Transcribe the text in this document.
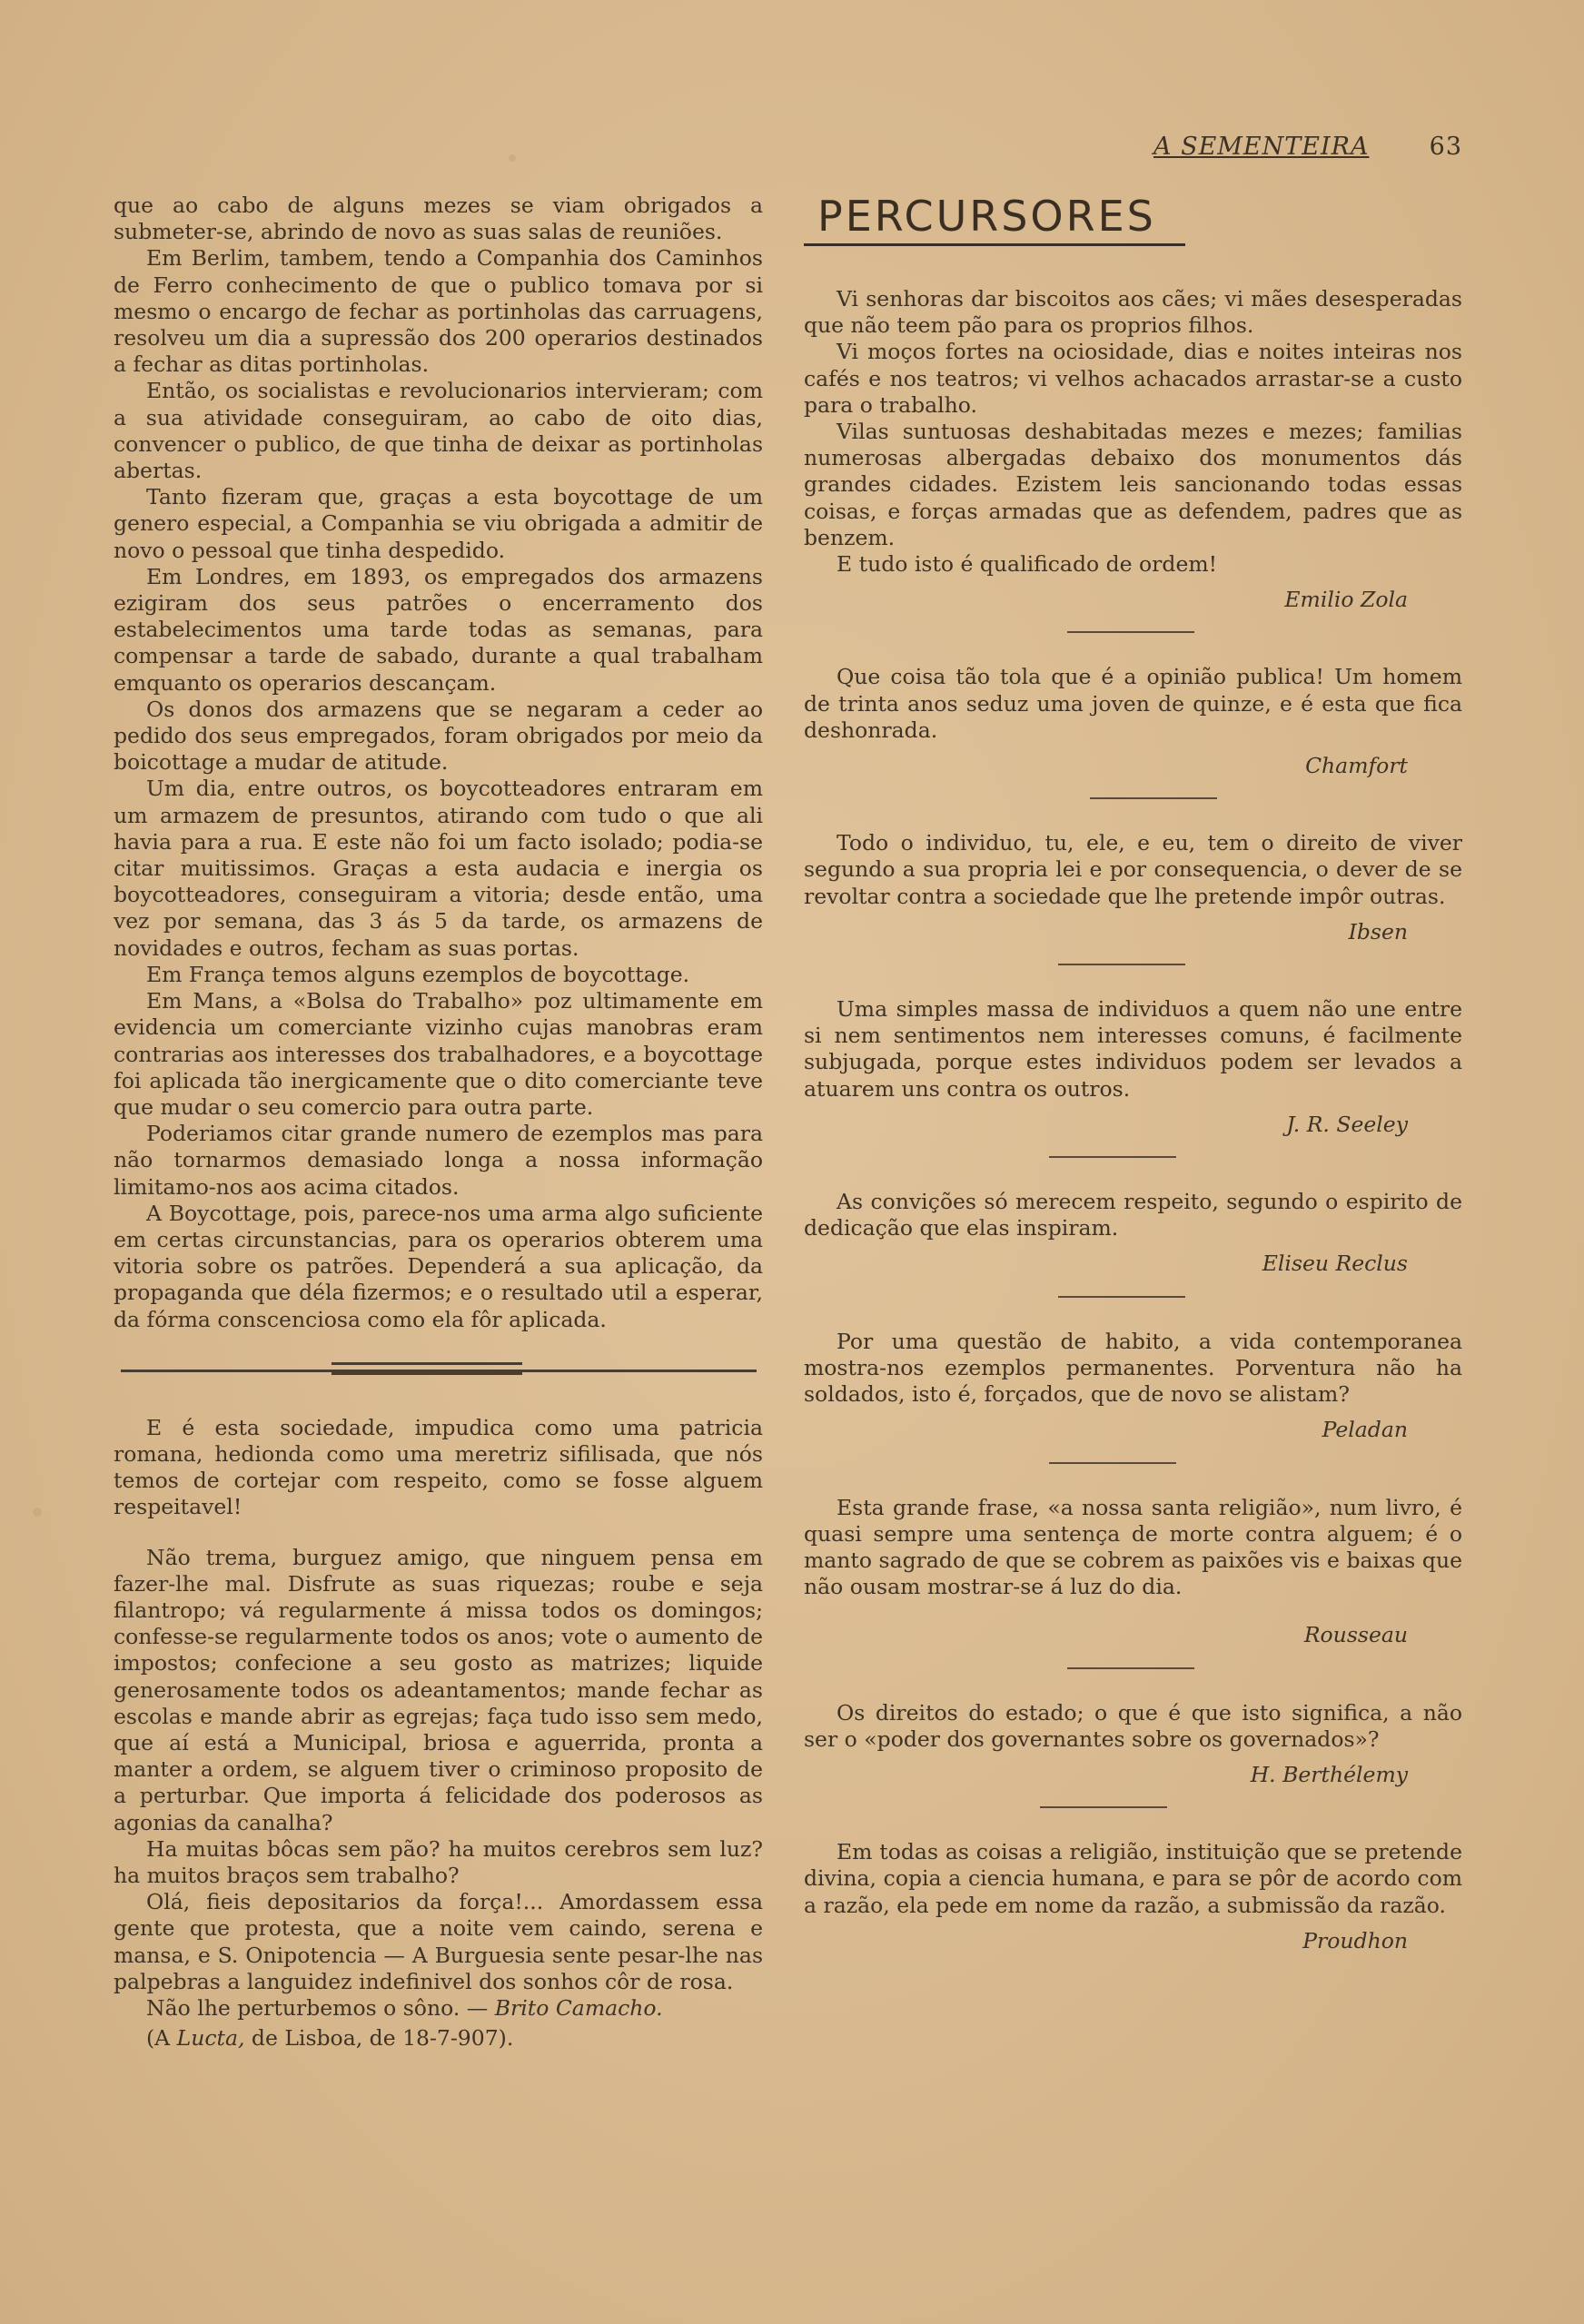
A SEMENTEIRA 63

que ao cabo de alguns mezes se viam obrigados a submeter-se, abrindo de novo as suas salas de reuniões.

Em Berlim, tambem, tendo a Companhia dos Caminhos de Ferro conhecimento de que o publico tomava por si mesmo o encargo de fechar as portinholas das carruagens, resolveu um dia a supressão dos 200 operarios destinados a fechar as ditas portinholas.

Então, os socialistas e revolucionarios intervieram; com a sua atividade conseguiram, ao cabo de oito dias, convencer o publico, de que tinha de deixar as portinholas abertas.

Tanto fizeram que, graças a esta boycottage de um genero especial, a Companhia se viu obrigada a admitir de novo o pessoal que tinha despedido.

Em Londres, em 1893, os empregados dos armazens ezigiram dos seus patrões o encerramento dos estabelecimentos uma tarde todas as semanas, para compensar a tarde de sabado, durante a qual trabalham emquanto os operarios descançam.

Os donos dos armazens que se negaram a ceder ao pedido dos seus empregados, foram obrigados por meio da boicottage a mudar de atitude.

Um dia, entre outros, os boycotteadores entraram em um armazem de presuntos, atirando com tudo o que ali havia para a rua. E este não foi um facto isolado; podia-se citar muitissimos. Graças a esta audacia e inergia os boycotteadores, conseguiram a vitoria; desde então, uma vez por semana, das 3 ás 5 da tarde, os armazens de novidades e outros, fecham as suas portas.

Em França temos alguns ezemplos de boycottage.

Em Mans, a «Bolsa do Trabalho» poz ultimamente em evidencia um comerciante vizinho cujas manobras eram contrarias aos interesses dos trabalhadores, e a boycottage foi aplicada tão inergicamente que o dito comerciante teve que mudar o seu comercio para outra parte.

Poderiamos citar grande numero de ezemplos mas para não tornarmos demasiado longa a nossa informação limitamo-nos aos acima citados.

A Boycottage, pois, parece-nos uma arma algo suficiente em certas circunstancias, para os operarios obterem uma vitoria sobre os patrões. Dependerá a sua aplicação, da propaganda que déla fizermos; e o resultado util a esperar, da fórma conscenciosa como ela fôr aplicada.

E é esta sociedade, impudica como uma patricia romana, hedionda como uma meretriz sifilisada, que nós temos de cortejar com respeito, como se fosse alguem respeitavel!

Não trema, burguez amigo, que ninguem pensa em fazer-lhe mal. Disfrute as suas riquezas; roube e seja filantropo; vá regularmente á missa todos os domingos; confesse-se regularmente todos os anos; vote o aumento de impostos; confecione a seu gosto as matrizes; liquide generosamente todos os adeantamentos; mande fechar as escolas e mande abrir as egrejas; faça tudo isso sem medo, que aí está a Municipal, briosa e aguerrida, pronta a manter a ordem, se alguem tiver o criminoso proposito de a perturbar. Que importa á felicidade dos poderosos as agonias da canalha?

Ha muitas bôcas sem pão? ha muitos cerebros sem luz? ha muitos braços sem trabalho?

Olá, fieis depositarios da força!... Amordassem essa gente que protesta, que a noite vem caindo, serena e mansa, e S. Onipotencia — A Burguesia sente pesar-lhe nas palpebras a languidez indefinivel dos sonhos côr de rosa.

Não lhe perturbemos o sôno. — Brito Camacho.

(A Lucta, de Lisboa, de 18-7-907).

PERCURSORES

Vi senhoras dar biscoitos aos cães; vi mães desesperadas que não teem pão para os proprios filhos.

Vi moços fortes na ociosidade, dias e noites inteiras nos cafés e nos teatros; vi velhos achacados arrastar-se a custo para o trabalho.

Vilas suntuosas deshabitadas mezes e mezes; familias numerosas albergadas debaixo dos monumentos dás grandes cidades. Ezistem leis sancionando todas essas coisas, e forças armadas que as defendem, padres que as benzem.

E tudo isto é qualificado de ordem!

Emilio Zola

Que coisa tão tola que é a opinião publica! Um homem de trinta anos seduz uma joven de quinze, e é esta que fica deshonrada.

Chamfort

Todo o individuo, tu, ele, e eu, tem o direito de viver segundo a sua propria lei e por consequencia, o dever de se revoltar contra a sociedade que lhe pretende impôr outras.

Ibsen

Uma simples massa de individuos a quem não une entre si nem sentimentos nem interesses comuns, é facilmente subjugada, porque estes individuos podem ser levados a atuarem uns contra os outros.

J. R. Seeley

As convições só merecem respeito, segundo o espirito de dedicação que elas inspiram.

Eliseu Reclus

Por uma questão de habito, a vida contemporanea mostra-nos ezemplos permanentes. Porventura não ha soldados, isto é, forçados, que de novo se alistam?

Peladan

Esta grande frase, «a nossa santa religião», num livro, é quasi sempre uma sentença de morte contra alguem; é o manto sagrado de que se cobrem as paixões vis e baixas que não ousam mostrar-se á luz do dia.

Rousseau

Os direitos do estado; o que é que isto significa, a não ser o «poder dos governantes sobre os governados»?

H. Berthélemy

Em todas as coisas a religião, instituição que se pretende divina, copia a ciencia humana, e para se pôr de acordo com a razão, ela pede em nome da razão, a submissão da razão.

Proudhon
